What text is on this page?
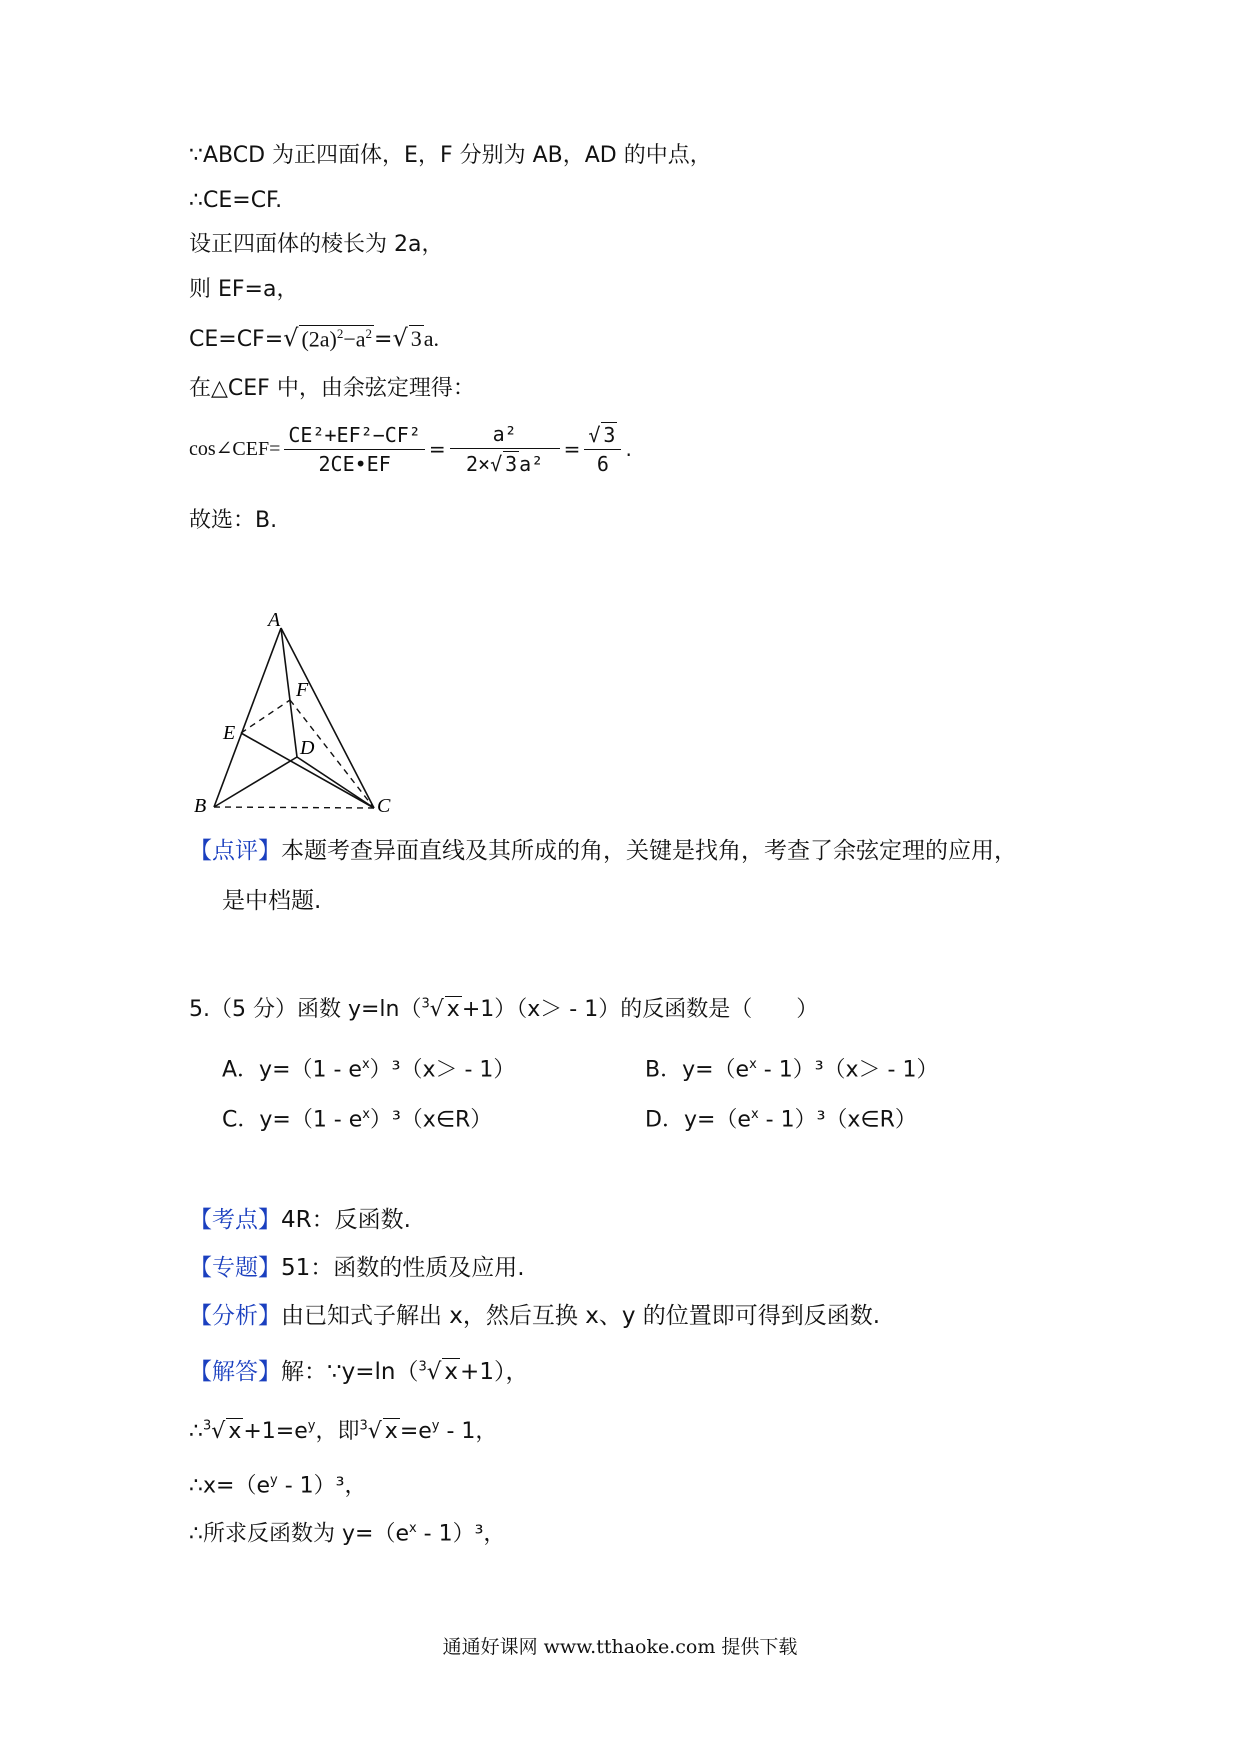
∵ABCD 为正四面体，E，F 分别为 AB，AD 的中点，
∴CE=CF.
设正四面体的棱长为 2a，
则 EF=a，
CE=CF=√ $(2a)^2-a^2=√$ 3a.
在△CEF 中，由余弦定理得：
cos∠CEF= $\frac{\text{CE²+EF²−CF²}}{2CE•EF} = \frac{\text{a²}}{\text{2×√ 3 a²}} = \frac{√ 3}{6}$ .
故选：B.
A
F
E
D
B	C
【点评】本题考查异面直线及其所成的角，关键是找角，考查了余弦定理的应用，
是中档题.
5.（5 分）函数 y=ln（$^3$√ x+1）（x＞ - 1）的反函数是（　　）
A．$y=(1 - e^x)^3(x> - 1)$	B．$y=(e^x - 1)^3(x> - 1)$
C．$y=(1 - e^x)^3(x\in R)$	D．$y=(e^x$ - 1）³（x∈R）
【考点】4R：反函数.
【专题】51：函数的性质及应用.
【分析】由已知式子解出 x，然后互换 x、y 的位置即可得到反函数.
【解答】解：∵y=ln（$^3$√ x+1），
∴$^3$√ $x+1=e^y$，即$^3$√ $x=e^y - 1$，
$\therefore x=(e^y - 1)^3$，
∴所求反函数为 $y=(e^x - 1)^3$，
通通好课网 www.tthaoke.com 提供下载
